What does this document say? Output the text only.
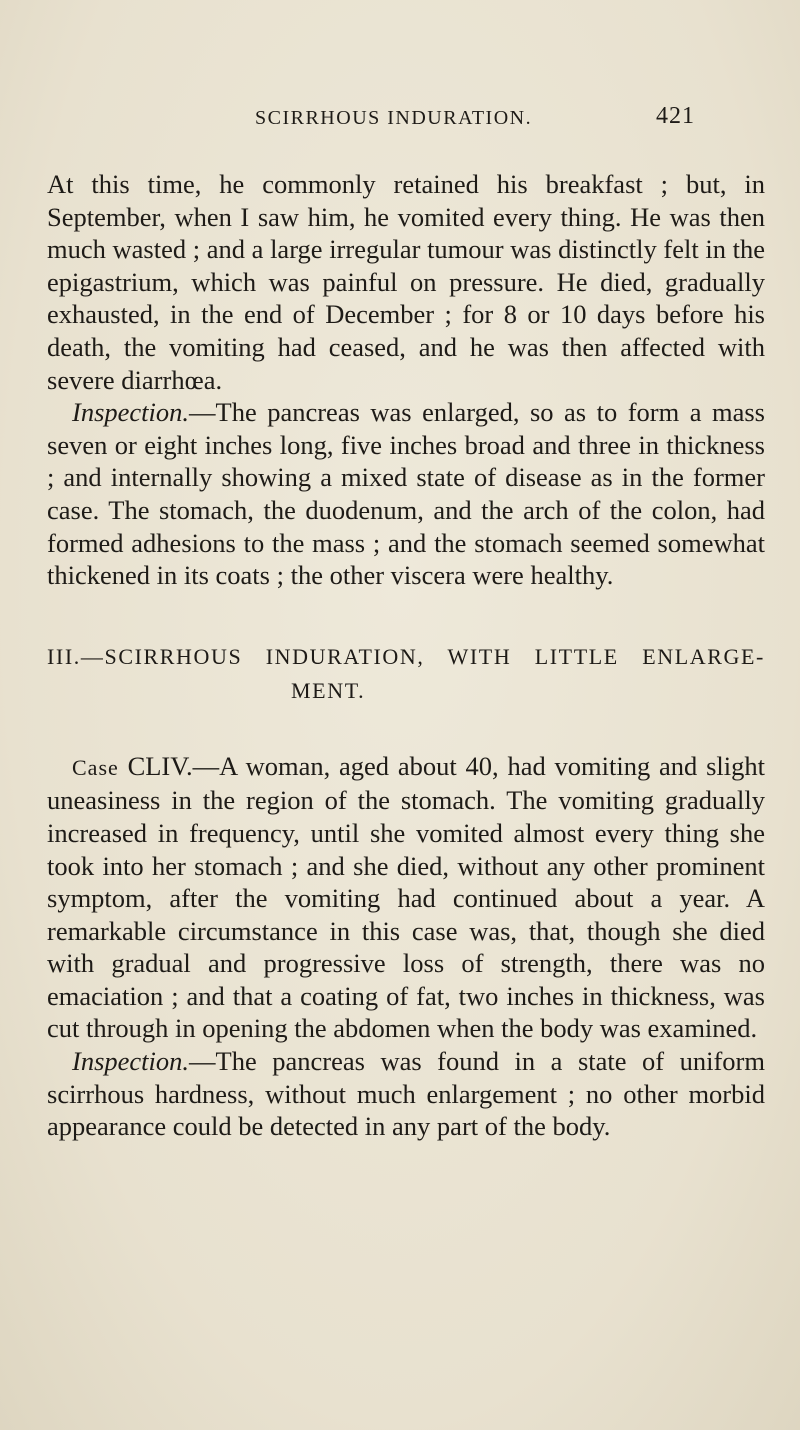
SCIRRHOUS INDURATION.	421

At this time, he commonly retained his breakfast ; but, in September, when I saw him, he vomited every thing. He was then much wasted ; and a large irregular tumour was distinctly felt in the epigastrium, which was painful on pressure. He died, gradually exhausted, in the end of December ; for 8 or 10 days before his death, the vomiting had ceased, and he was then affected with severe diarrhœa.

Inspection.—The pancreas was enlarged, so as to form a mass seven or eight inches long, five inches broad and three in thickness ; and internally showing a mixed state of disease as in the former case. The stomach, the duodenum, and the arch of the colon, had formed adhesions to the mass ; and the stomach seemed somewhat thickened in its coats ; the other viscera were healthy.

III.—SCIRRHOUS INDURATION, WITH LITTLE ENLARGE-
MENT.

Case CLIV.—A woman, aged about 40, had vomiting and slight uneasiness in the region of the stomach. The vomiting gradually increased in frequency, until she vomited almost every thing she took into her stomach ; and she died, without any other prominent symptom, after the vomiting had continued about a year. A remarkable circumstance in this case was, that, though she died with gradual and progressive loss of strength, there was no emaciation ; and that a coating of fat, two inches in thickness, was cut through in opening the abdomen when the body was examined.

Inspection.—The pancreas was found in a state of uniform scirrhous hardness, without much enlargement ; no other morbid appearance could be detected in any part of the body.
